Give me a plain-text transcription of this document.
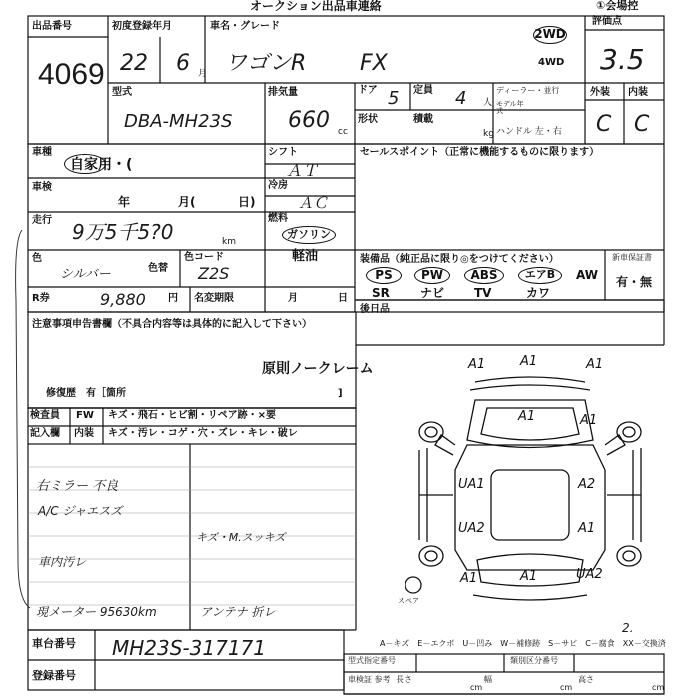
オークション出品車連絡	①会場控
出品番号
4069
初度登録年月
22 6 月
車名・グレード
ワゴンR FX
2WD
4WD
評価点
3.5
型式
DBA-MH23S
排気量
660 cc
ドア 5 定員 4 人
ディーラー・並行
モデル年式
形状	積載
kg ハンドル 左・右
外装 内装
C C
車種
自家用・(
シフト
ＡＴ
セールスポイント（正常に機能するものに限ります）
車検
年	月(	日)
冷房
ＡＣ
走行 9万5千5?0	km
燃料
ガソリン
軽油
色
シルバー	色替
色コード
Z2S
装備品（純正品に限り◎をつけてください）	新車保証書
有・無
PS	PW	ABS	エアB	AW
SR	ナビ TV	カワ
R券	9,880 円 名変期限	月	日
後日品
注意事項申告書欄（不具合内容等は具体的に記入して下さい）
原則ノークレーム
修復歴　有［箇所	]
検査員
記入欄
FW キズ・飛石・ヒビ割・リペア跡・×要
内装 キズ・汚レ・コゲ・穴・ズレ・キレ・破レ
右ミラー 不良
A/C ジャエスズ
車内汚レ
キズ・M.スッキズ
現メーター 95630km	アンテナ 折レ
車台番号 MH23S-317171
登録番号
A－キズ　E－エクボ　U－凹み　W－補修跡　S－サビ　C－腐食　XX－交換済
2.
スペア
型式指定番号	類別区分番号
車検証 参考 長さ
cm
幅
cm
高さ
cm
A1	A1	A1
A1	A1
UA1	A2
UA2	A1
A1	A1	UA2
